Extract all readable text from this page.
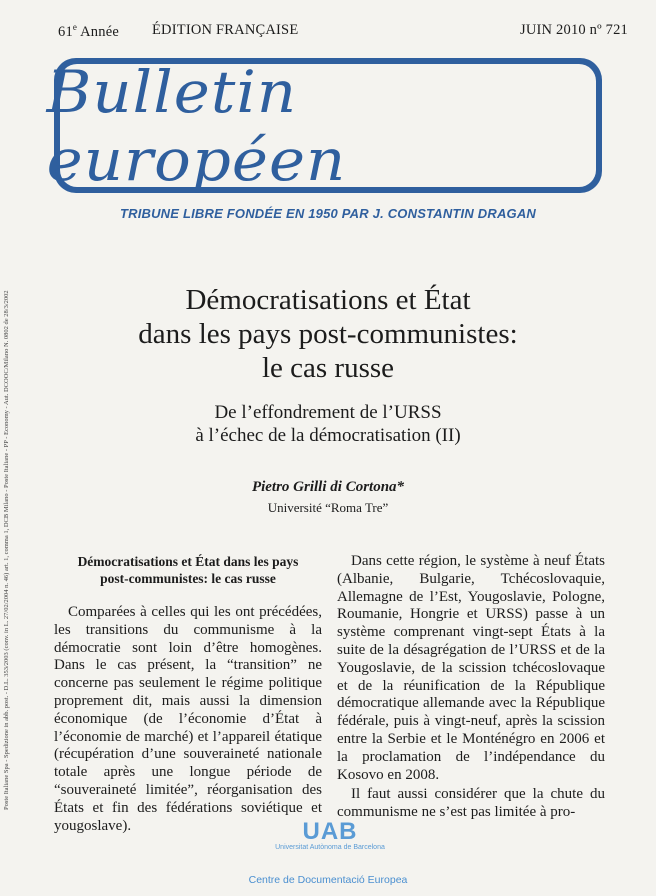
61e Année ÉDITION FRANÇAISE	JUIN 2010 nº 721
Bulletin européen
TRIBUNE LIBRE FONDÉE EN 1950 PAR J. CONSTANTIN DRAGAN
Démocratisations et État
dans les pays post-communistes:
le cas russe
De l’effondrement de l’URSS
à l’échec de la démocratisation (II)
Pietro Grilli di Cortona*
Université “Roma Tre”
Démocratisations et État dans les pays
post-communistes: le cas russe

Comparées à celles qui les ont précédées, les transitions du communisme à la démocratie sont loin d’être homogènes. Dans le cas présent, la “transition” ne concerne pas seulement le régime politique proprement dit, mais aussi la dimension économique (de l’économie d’État à l’économie de marché) et l’appareil étatique (récupération d’une souveraineté nationale totale après une longue période de “souveraineté limitée”, réorganisation des États et fin des fédérations soviétique et yougoslave).

Dans cette région, le système à neuf États (Albanie, Bulgarie, Tchécoslovaquie, Allemagne de l’Est, Yougoslavie, Pologne, Roumanie, Hongrie et URSS) passe à un système comprenant vingt-sept États à la suite de la désagrégation de l’URSS et de la Yougoslavie, de la scission tchécoslovaque et de la réunification de la République démocratique allemande avec la République fédérale, puis à vingt-neuf, après la scission entre la Serbie et le Monténégro en 2006 et la proclamation de l’indépendance du Kosovo en 2008.

Il faut aussi considérer que la chute du communisme ne s’est pas limitée à pro-

Poste Italiane Spa - Spedizione in abb. post. - D.L. 353/2003 (conv. in L. 27/02/2004 n. 46) art. 1, comma 1, DCB Milano - Poste Italiane - PP - Economy - Aut. DCOOC/Milano N. 0802 de 28/3/2002
UAB
Universitat Autònoma de Barcelona
Centre de Documentació Europea
